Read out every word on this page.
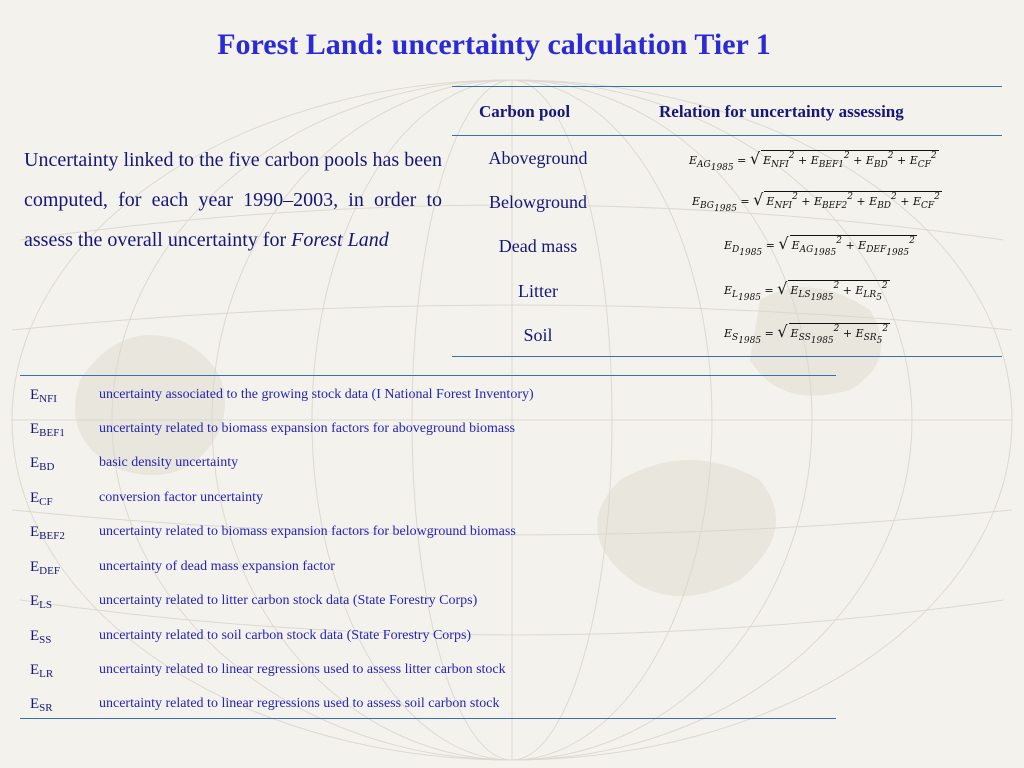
Forest Land: uncertainty calculation Tier 1

Uncertainty linked to the five carbon pools has been computed, for each year 1990–2003, in order to assess the overall uncertainty for Forest Land

Carbon pool	Relation for uncertainty assessing
Aboveground	$E_{AG_{1985}}$ = √ $E_{NFI}^2 + E_{BEF1}^2 + E_{BD}^2 + E_{CF}^2$
Belowground	$E_{BG_{1985}}$ = √ $E_{NFI}^2 + E_{BEF2}^2 + E_{BD}^2 + E_{CF}^2$
Dead mass	$E_{D_{1985}}$ = √ $E_{AG_{1985}}^2 + E_{DEF_{1985}}^2$
Litter	$E_{L_{1985}}$ = √ $E_{LS_{1985}}^2 + E_{LR_5}^2$
Soil	$E_{S_{1985}}$ = √ $E_{SS_{1985}}^2 + E_{SR_5}^2$
$E_{NFI}$	uncertainty associated to the growing stock data (I National Forest Inventory)
$E_{BEF1}$ uncertainty related to biomass expansion factors for aboveground biomass
$E_{BD}$	basic density uncertainty
$E_{CF}$	conversion factor uncertainty
$E_{BEF2}$ uncertainty related to biomass expansion factors for belowground biomass
$E_{DEF}$	uncertainty of dead mass expansion factor
$E_{LS}$	uncertainty related to litter carbon stock data (State Forestry Corps)
$E_{SS}$	uncertainty related to soil carbon stock data (State Forestry Corps)
$E_{LR}$	uncertainty related to linear regressions used to assess litter carbon stock
$E_{SR}$	uncertainty related to linear regressions used to assess soil carbon stock
